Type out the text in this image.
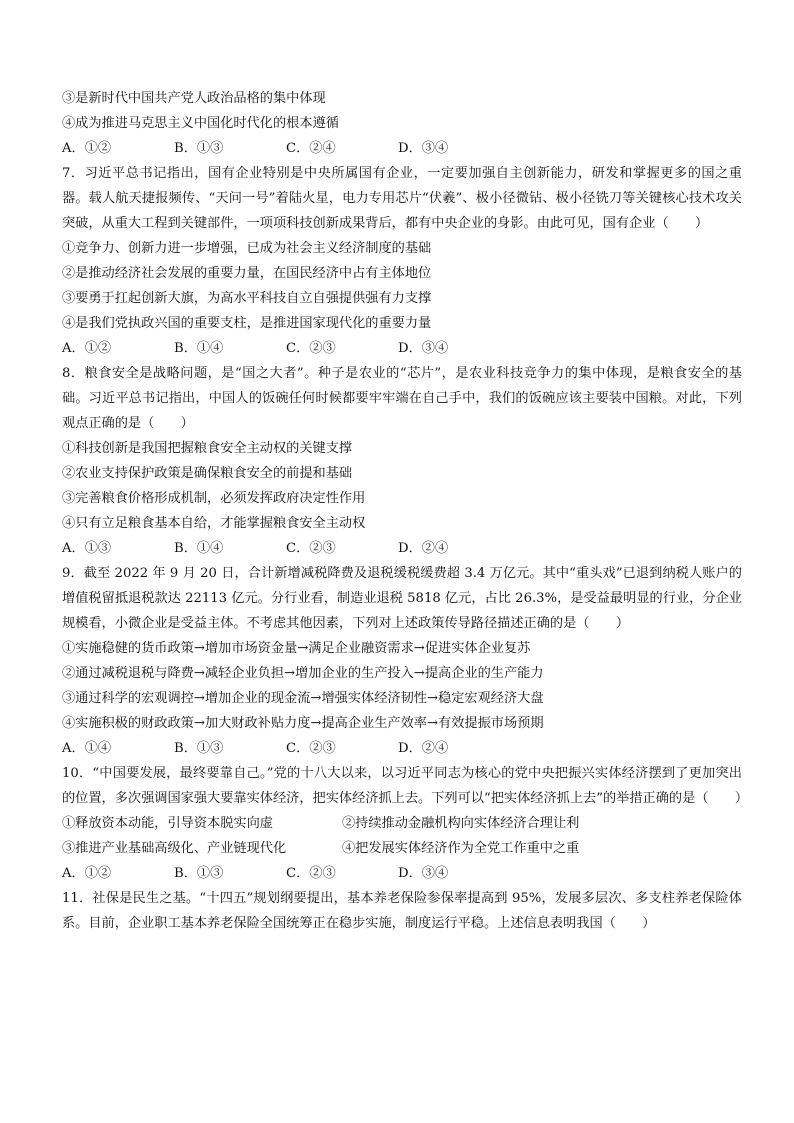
③是新时代中国共产党人政治品格的集中体现
④成为推进马克思主义中国化时代化的根本遵循
A．①②	B．①③	C．②④	D．③④
7．习近平总书记指出，国有企业特别是中央所属国有企业，一定要加强自主创新能力，研发和掌握更多的国之重器。载人航天捷报频传、“天问一号”着陆火星，电力专用芯片“伏羲”、极小径微钻、极小径铣刀等关键核心技术攻关突破，从重大工程到关键部件，一项项科技创新成果背后，都有中央企业的身影。由此可见，国有企业（　　）
①竞争力、创新力进一步增强，已成为社会主义经济制度的基础
②是推动经济社会发展的重要力量，在国民经济中占有主体地位
③要勇于扛起创新大旗，为高水平科技自立自强提供强有力支撑
④是我们党执政兴国的重要支柱，是推进国家现代化的重要力量
A．①②	B．①④	C．②③	D．③④
8．粮食安全是战略问题，是“国之大者”。种子是农业的“芯片”，是农业科技竞争力的集中体现，是粮食安全的基础。习近平总书记指出，中国人的饭碗任何时候都要牢牢端在自己手中，我们的饭碗应该主要装中国粮。对此，下列观点正确的是（　　）
①科技创新是我国把握粮食安全主动权的关键支撑
②农业支持保护政策是确保粮食安全的前提和基础
③完善粮食价格形成机制，必须发挥政府决定性作用
④只有立足粮食基本自给，才能掌握粮食安全主动权
A．①③	B．①④	C．②③	D．②④
9．截至 2022 年 9 月 20 日，合计新增减税降费及退税缓税缓费超 3.4 万亿元。其中“重头戏”已退到纳税人账户的增值税留抵退税款达 22113 亿元。分行业看，制造业退税 5818 亿元，占比 26.3%，是受益最明显的行业，分企业规模看，小微企业是受益主体。不考虑其他因素，下列对上述政策传导路径描述正确的是（　　）
①实施稳健的货币政策→增加市场资金量→满足企业融资需求→促进实体企业复苏
②通过减税退税与降费→减轻企业负担→增加企业的生产投入→提高企业的生产能力
③通过科学的宏观调控→增加企业的现金流→增强实体经济韧性→稳定宏观经济大盘
④实施积极的财政政策→加大财政补贴力度→提高企业生产效率→有效提振市场预期
A．①④	B．①③	C．②③	D．②④
10．“中国要发展，最终要靠自己。”党的十八大以来，以习近平同志为核心的党中央把振兴实体经济摆到了更加突出的位置，多次强调国家强大要靠实体经济，把实体经济抓上去。下列可以“把实体经济抓上去”的举措正确的是（　　）
①释放资本动能，引导资本脱实向虚	②持续推动金融机构向实体经济合理让利
③推进产业基础高级化、产业链现代化	④把发展实体经济作为全党工作重中之重
A．①②	B．①③	C．②③	D．③④
11．社保是民生之基。“十四五”规划纲要提出，基本养老保险参保率提高到 95%，发展多层次、多支柱养老保险体系。目前，企业职工基本养老保险全国统筹正在稳步实施，制度运行平稳。上述信息表明我国（　　）
